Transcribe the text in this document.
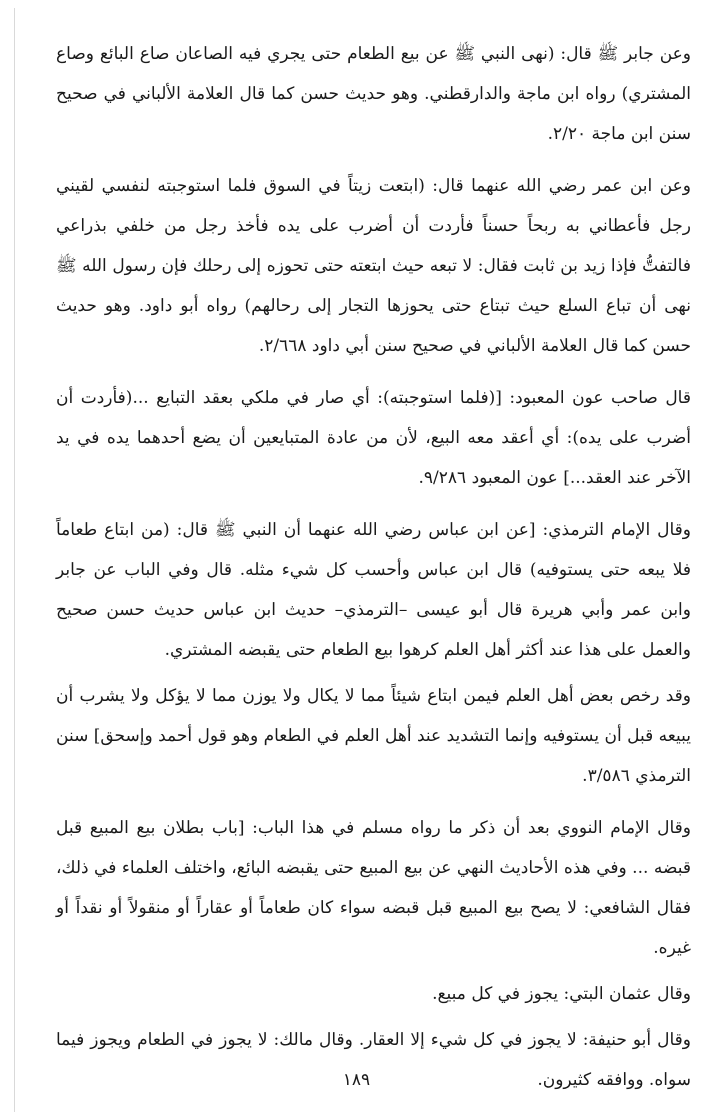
وعن جابر ﷺ قال: (نهى النبي ﷺ عن بيع الطعام حتى يجري فيه الصاعان صاع البائع وصاع المشتري) رواه ابن ماجة والدارقطني. وهو حديث حسن كما قال العلامة الألباني في صحيح سنن ابن ماجة ٢/٢٠.

وعن ابن عمر رضي الله عنهما قال: (ابتعت زيتاً في السوق فلما استوجبته لنفسي لقيني رجل فأعطاني به ربحاً حسناً فأردت أن أضرب على يده فأخذ رجل من خلفي بذراعي فالتفتُّ فإذا زيد بن ثابت فقال: لا تبعه حيث ابتعته حتى تحوزه إلى رحلك فإن رسول الله ﷺ نهى أن تباع السلع حيث تبتاع حتى يحوزها التجار إلى رحالهم) رواه أبو داود. وهو حديث حسن كما قال العلامة الألباني في صحيح سنن أبي داود ٢/٦٦٨.

قال صاحب عون المعبود: [(فلما استوجبته): أي صار في ملكي بعقد التبايع ...(فأردت أن أضرب على يده): أي أعقد معه البيع، لأن من عادة المتبايعين أن يضع أحدهما يده في يد الآخر عند العقد...] عون المعبود ٩/٢٨٦.

وقال الإمام الترمذي: [عن ابن عباس رضي الله عنهما أن النبي ﷺ قال: (من ابتاع طعاماً فلا يبعه حتى يستوفيه) قال ابن عباس وأحسب كل شيء مثله. قال وفي الباب عن جابر وابن عمر وأبي هريرة قال أبو عيسى –الترمذي– حديث ابن عباس حديث حسن صحيح والعمل على هذا عند أكثر أهل العلم كرهوا بيع الطعام حتى يقبضه المشتري.

وقد رخص بعض أهل العلم فيمن ابتاع شيئاً مما لا يكال ولا يوزن مما لا يؤكل ولا يشرب أن يبيعه قبل أن يستوفيه وإنما التشديد عند أهل العلم في الطعام وهو قول أحمد وإسحق] سنن الترمذي ٣/٥٨٦.

وقال الإمام النووي بعد أن ذكر ما رواه مسلم في هذا الباب: [باب بطلان بيع المبيع قبل قبضه ... وفي هذه الأحاديث النهي عن بيع المبيع حتى يقبضه البائع، واختلف العلماء في ذلك، فقال الشافعي: لا يصح بيع المبيع قبل قبضه سواء كان طعاماً أو عقاراً أو منقولاً أو نقداً أو غيره.

وقال عثمان البتي: يجوز في كل مبيع.

وقال أبو حنيفة: لا يجوز في كل شيء إلا العقار. وقال مالك: لا يجوز في الطعام ويجوز فيما سواه. ووافقه كثيرون.

١٨٩
